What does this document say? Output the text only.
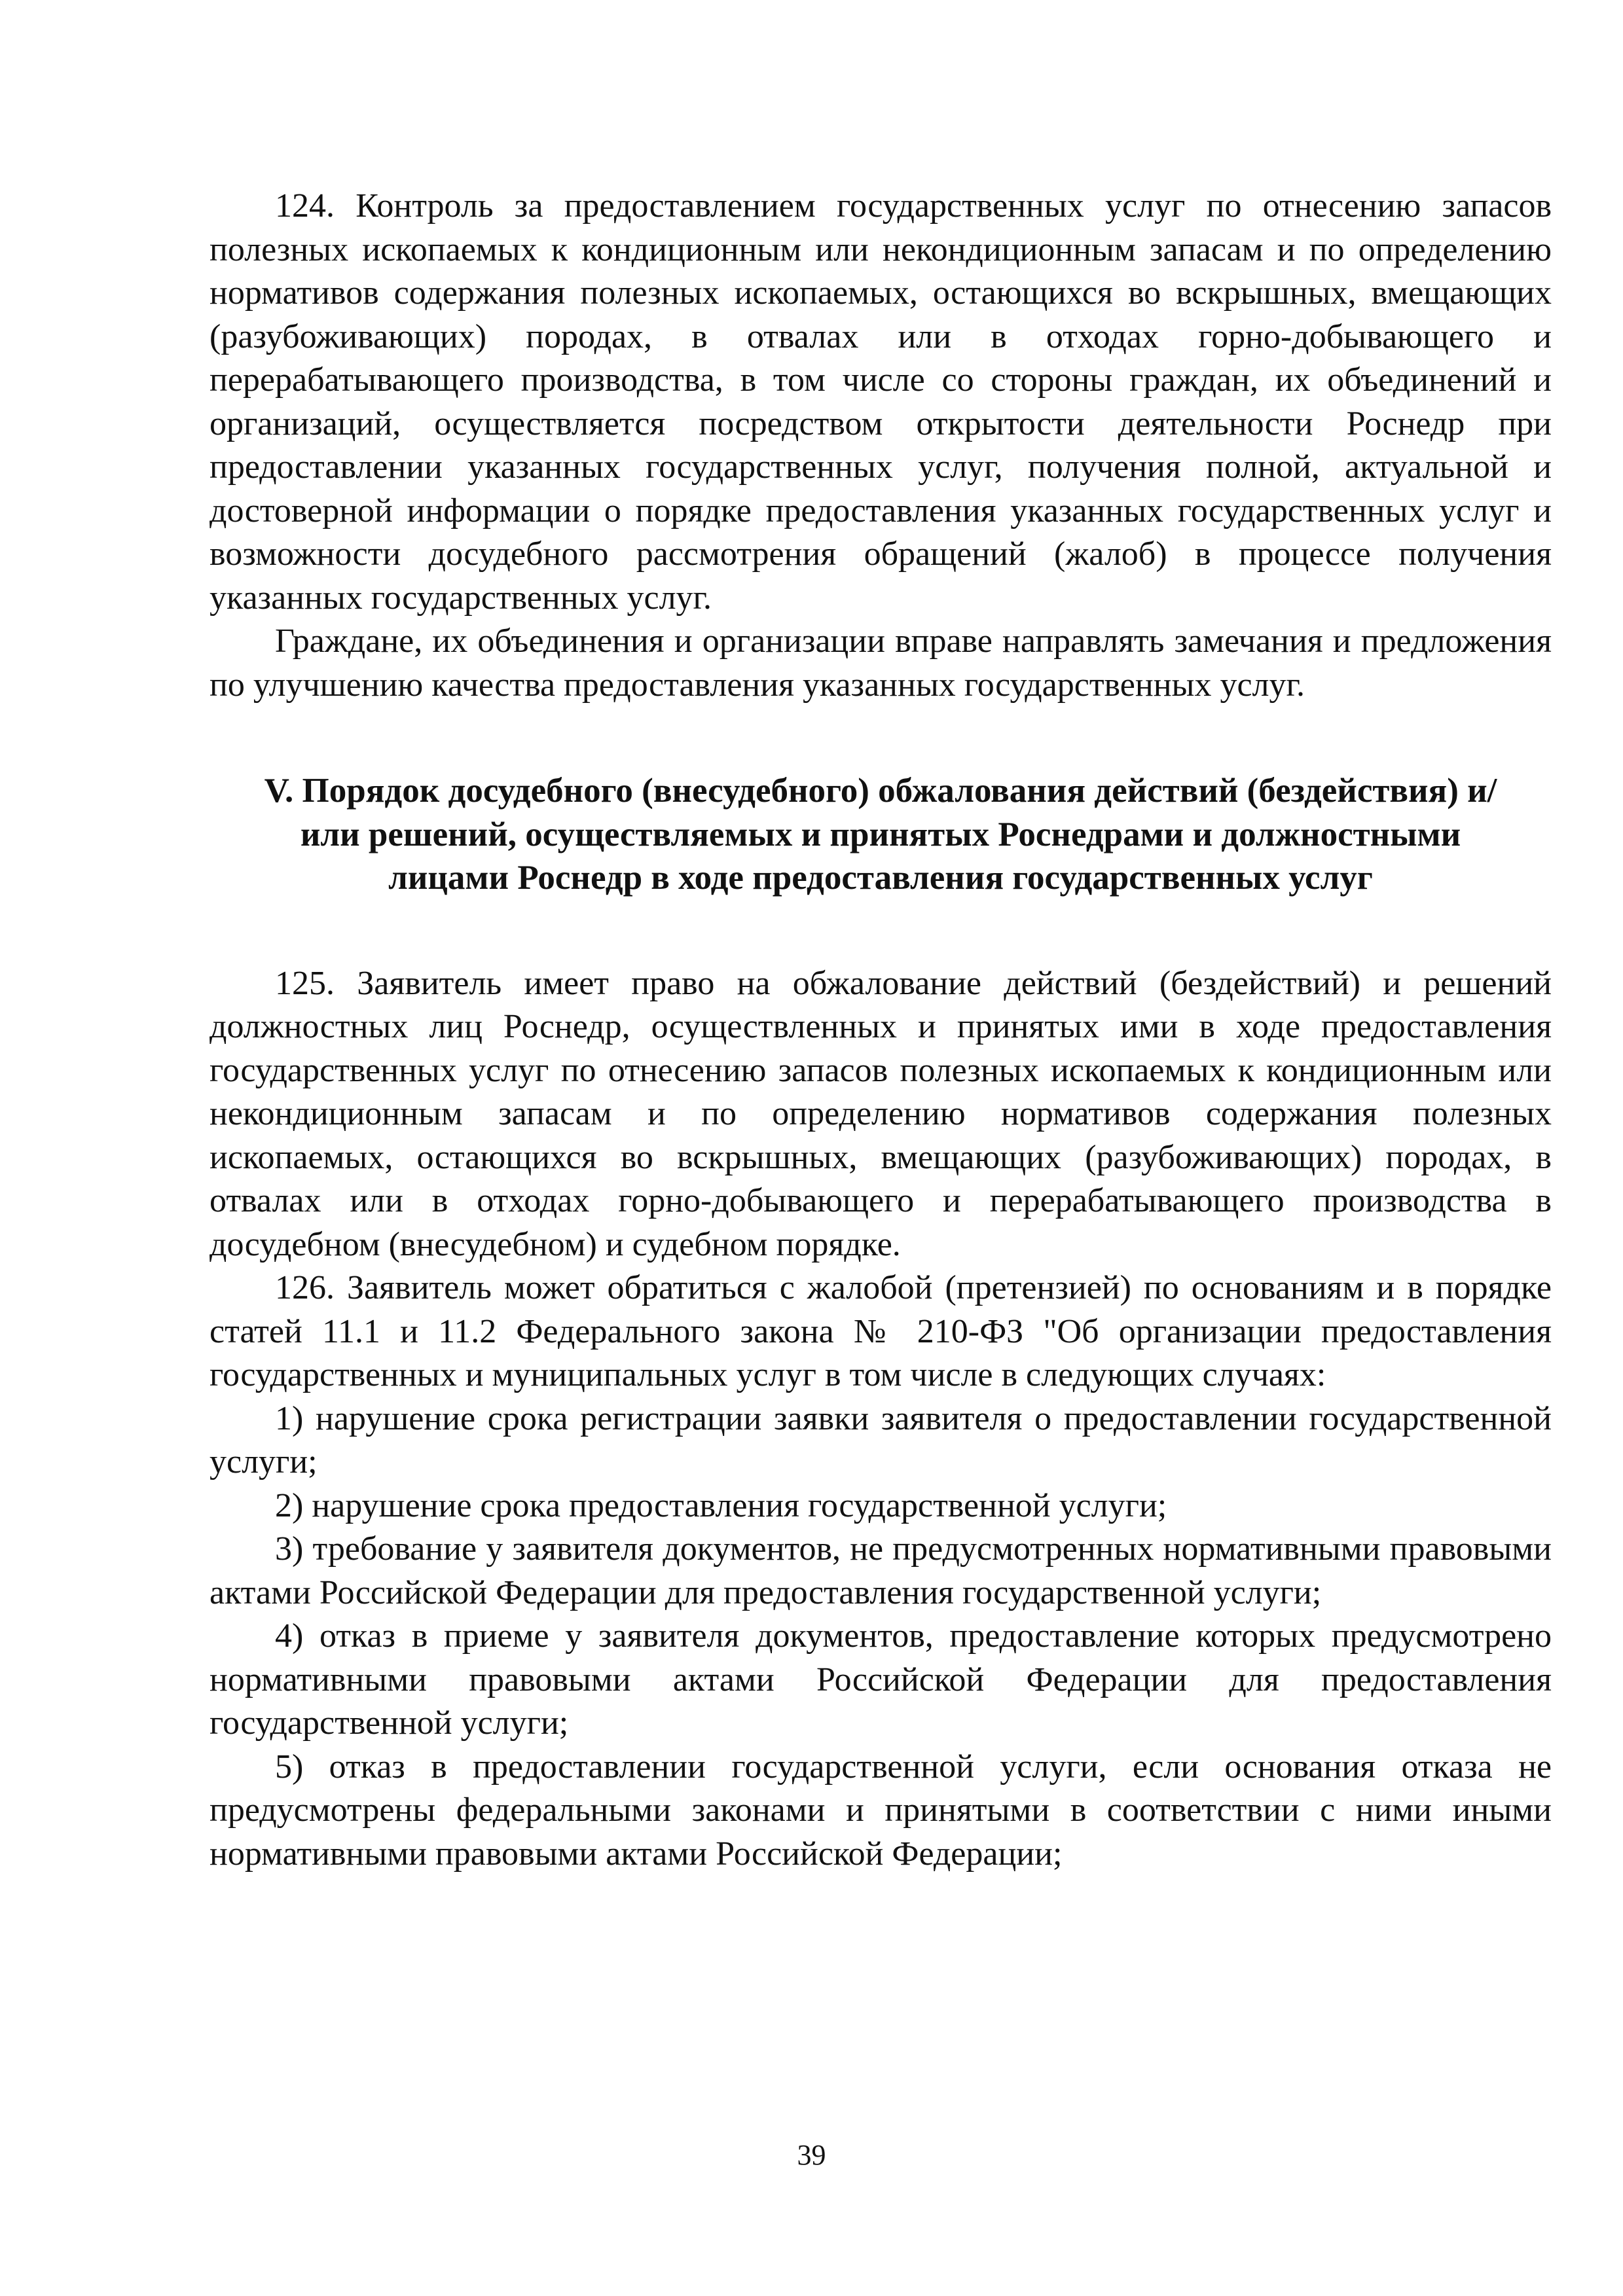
124. Контроль за предоставлением государственных услуг по отнесению запасов полезных ископаемых к кондиционным или некондиционным запасам и по определению нормативов содержания полезных ископаемых, остающихся во вскрышных, вмещающих (разубоживающих) породах, в отвалах или в отходах горно-добывающего и перерабатывающего производства, в том числе со стороны граждан, их объединений и организаций, осуществляется посредством открытости деятельности Роснедр при предоставлении указанных государственных услуг, получения полной, актуальной и достоверной информации о порядке предоставления указанных государственных услуг и возможности досудебного рассмотрения обращений (жалоб) в процессе получения указанных государственных услуг.

Граждане, их объединения и организации вправе направлять замечания и предложения по улучшению качества предоставления указанных государственных услуг.

V. Порядок досудебного (внесудебного) обжалования действий (бездействия) и/или решений, осуществляемых и принятых Роснедрами и должностными лицами Роснедр в ходе предоставления государственных услуг

125. Заявитель имеет право на обжалование действий (бездействий) и решений должностных лиц Роснедр, осуществленных и принятых ими в ходе предоставления государственных услуг по отнесению запасов полезных ископаемых к кондиционным или некондиционным запасам и по определению нормативов содержания полезных ископаемых, остающихся во вскрышных, вмещающих (разубоживающих) породах, в отвалах или в отходах горно-добывающего и перерабатывающего производства в досудебном (внесудебном) и судебном порядке.

126. Заявитель может обратиться с жалобой (претензией) по основаниям и в порядке статей 11.1 и 11.2 Федерального закона № 210-ФЗ "Об организации предоставления государственных и муниципальных услуг в том числе в следующих случаях:

1) нарушение срока регистрации заявки заявителя о предоставлении государственной услуги;

2) нарушение срока предоставления государственной услуги;

3) требование у заявителя документов, не предусмотренных нормативными правовыми актами Российской Федерации для предоставления государственной услуги;

4) отказ в приеме у заявителя документов, предоставление которых предусмотрено нормативными правовыми актами Российской Федерации для предоставления государственной услуги;

5) отказ в предоставлении государственной услуги, если основания отказа не предусмотрены федеральными законами и принятыми в соответствии с ними иными нормативными правовыми актами Российской Федерации;

39
